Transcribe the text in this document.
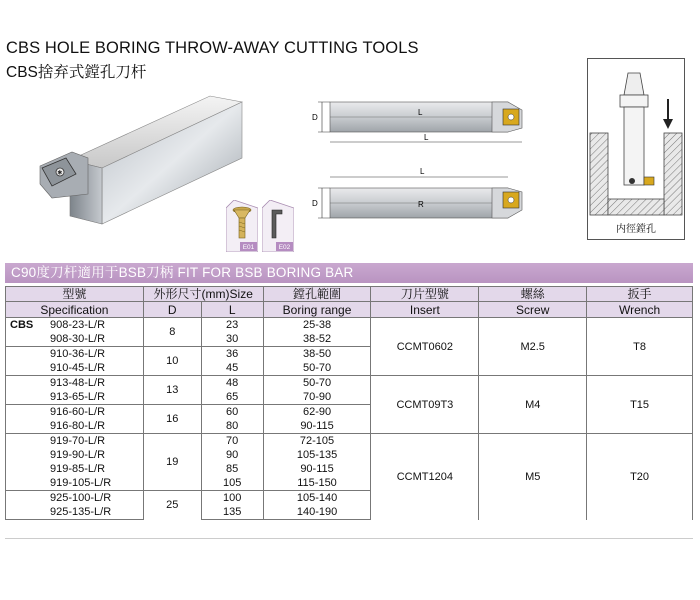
CBS HOLE BORING THROW-AWAY CUTTING TOOLS
CBS捨弃式鏜孔刀杆
✱
E01	E02
D
L
L
L
D	R
内徑鏜孔
C90度刀杆適用于BSB刀柄 FIT FOR BSB BORING BAR
型號	外形尺寸(mm)Size		鏜孔範圍	刀片型號	螺絲	扳手
Specification	D	L	Boring range	Insert	Screw	Wrench
CBS 908-23-L/R	8	23	25-38	CCMT0602	M2.5	T8
908-30-L/R		30	38-52			
910-36-L/R	10	36	38-50			
910-45-L/R		45	50-70			
913-48-L/R	13	48	50-70	CCMT09T3	M4	T15
913-65-L/R		65	70-90			
916-60-L/R	16	60	62-90			
916-80-L/R		80	90-115			
919-70-L/R	19	70	72-105	CCMT1204	M5	T20
919-90-L/R		90	105-135			
919-85-L/R		85	90-115			
919-105-L/R		105	115-150			
925-100-L/R	25	100	105-140			
925-135-L/R		135	140-190			
